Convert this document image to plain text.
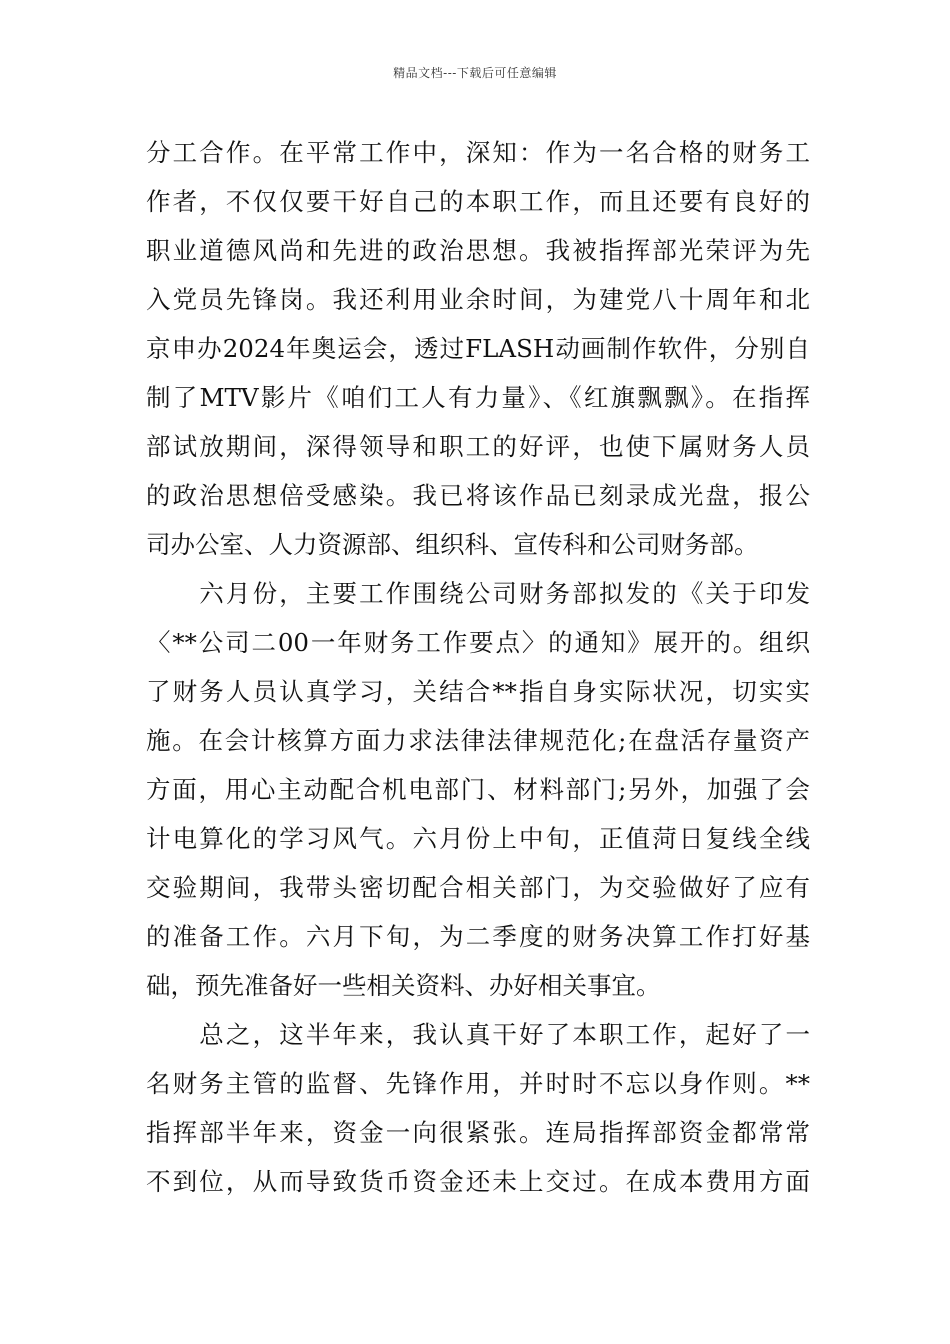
精品文档---下载后可任意编辑
分工合作。在平常工作中，深知：作为一名合格的财务工
作者，不仅仅要干好自己的本职工作，而且还要有良好的
职业道德风尚和先进的政治思想。我被指挥部光荣评为先
入党员先锋岗。我还利用业余时间，为建党八十周年和北
京申办2024年奥运会，透过FLASH动画制作软件，分别自
制了MTV影片《咱们工人有力量》、《红旗飘飘》。在指挥
部试放期间，深得领导和职工的好评，也使下属财务人员
的政治思想倍受感染。我已将该作品已刻录成光盘，报公
司办公室、人力资源部、组织科、宣传科和公司财务部。
　　六月份，主要工作围绕公司财务部拟发的《关于印发
〈**公司二00一年财务工作要点〉的通知》展开的。组织
了财务人员认真学习，关结合**指自身实际状况，切实实
施。在会计核算方面力求法律法律规范化;在盘活存量资产
方面，用心主动配合机电部门、材料部门;另外，加强了会
计电算化的学习风气。六月份上中旬，正值菏日复线全线
交验期间，我带头密切配合相关部门，为交验做好了应有
的准备工作。六月下旬，为二季度的财务决算工作打好基
础，预先准备好一些相关资料、办好相关事宜。
　　总之，这半年来，我认真干好了本职工作，起好了一
名财务主管的监督、先锋作用，并时时不忘以身作则。**
指挥部半年来，资金一向很紧张。连局指挥部资金都常常
不到位，从而导致货币资金还未上交过。在成本费用方面
